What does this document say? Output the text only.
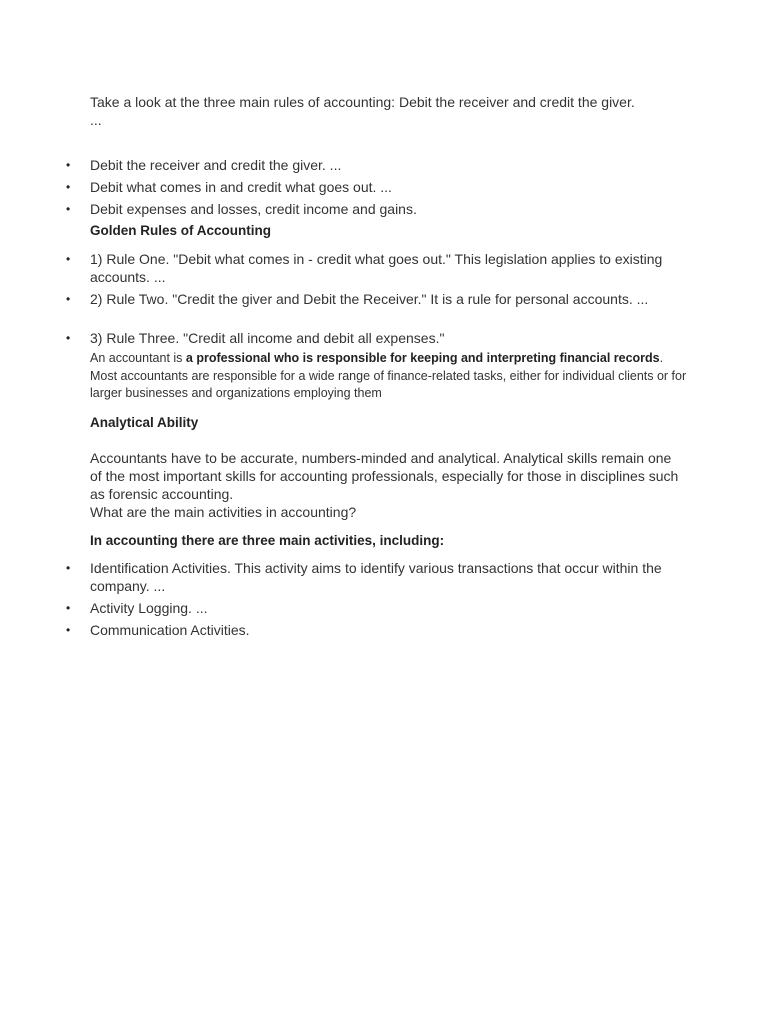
Take a look at the three main rules of accounting: Debit the receiver and credit the giver.
...
• Debit the receiver and credit the giver. ...
• Debit what comes in and credit what goes out. ...
• Debit expenses and losses, credit income and gains.
Golden Rules of Accounting
• 1) Rule One. "Debit what comes in - credit what goes out." This legislation applies to existing accounts. ...
• 2) Rule Two. "Credit the giver and Debit the Receiver." It is a rule for personal accounts. ...
• 3) Rule Three. "Credit all income and debit all expenses."
An accountant is a professional who is responsible for keeping and interpreting financial records. Most accountants are responsible for a wide range of finance-related tasks, either for individual clients or for larger businesses and organizations employing them
Analytical Ability
Accountants have to be accurate, numbers-minded and analytical. Analytical skills remain one of the most important skills for accounting professionals, especially for those in disciplines such as forensic accounting.
What are the main activities in accounting?
In accounting there are three main activities, including:
• Identification Activities. This activity aims to identify various transactions that occur within the company. ...
• Activity Logging. ...
• Communication Activities.
